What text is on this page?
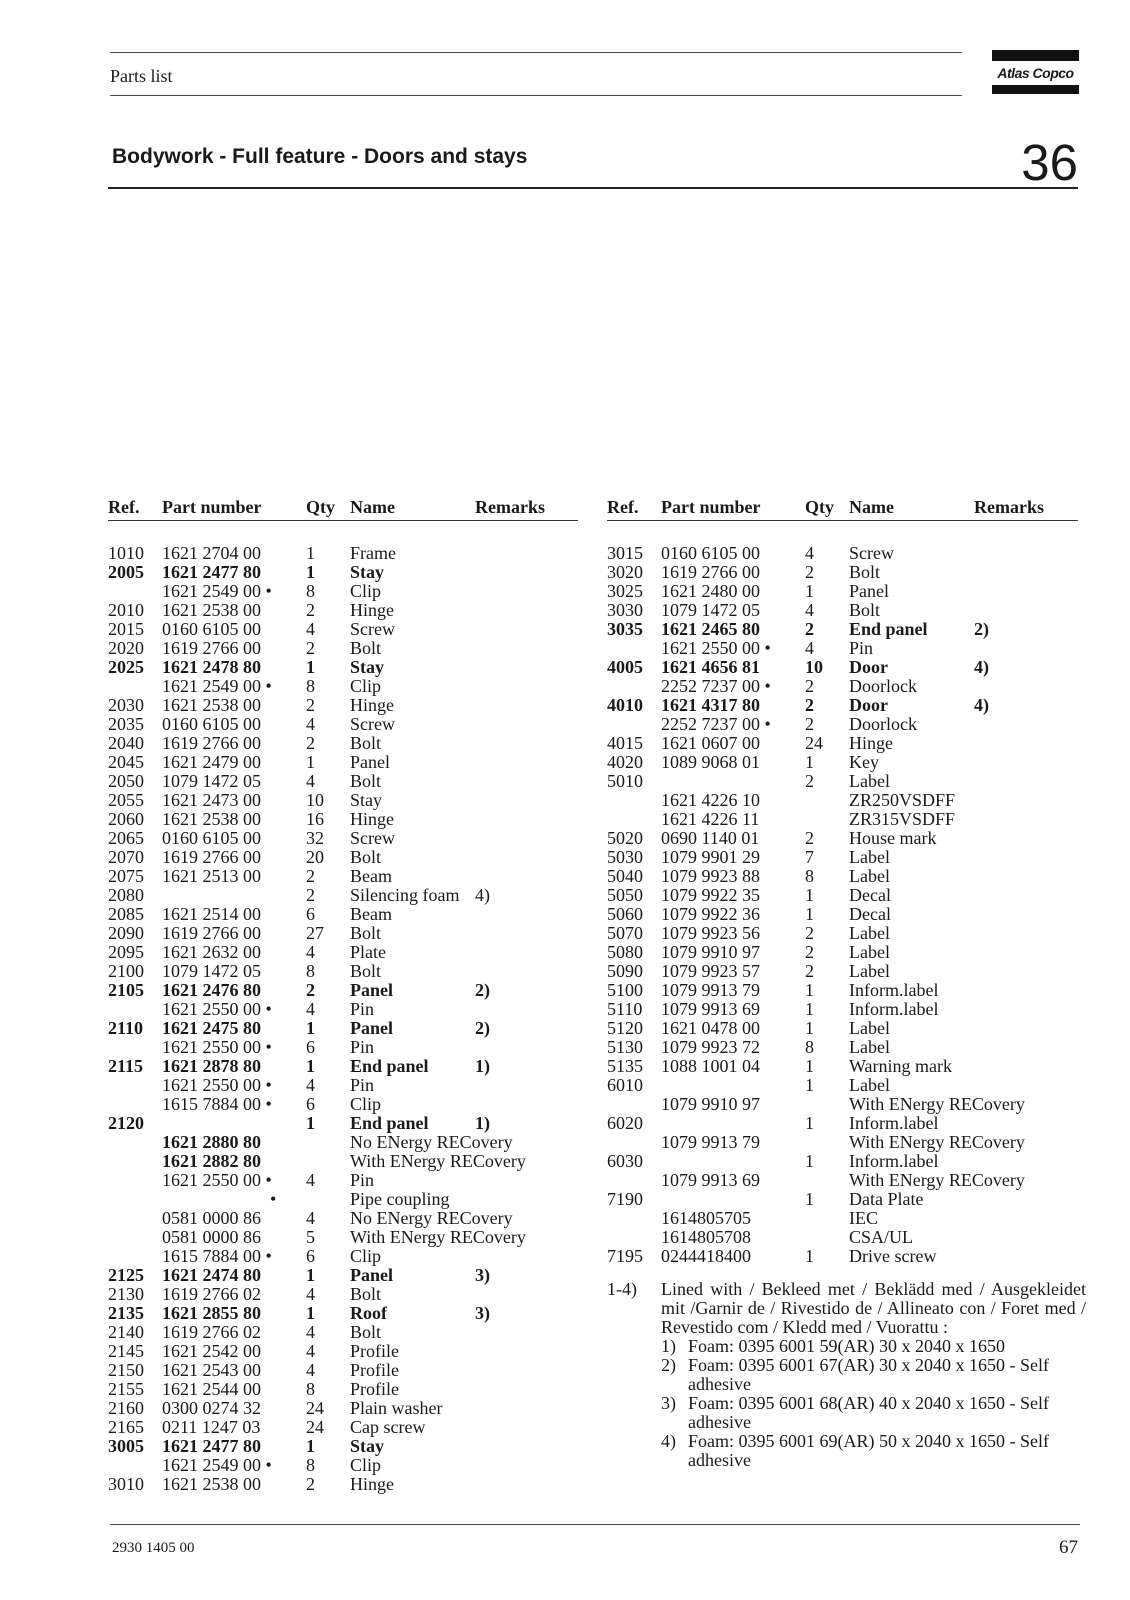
Parts list	Atlas Copco
Bodywork - Full feature - Doors and stays	36
Ref. Part number Qty Name	Remarks
1010 1621 2704 00	1 Frame
2005 1621 2477 80	1 Stay
1621 2549 00 • 8 Clip
2010 1621 2538 00	2 Hinge
2015 0160 6105 00	4 Screw
2020 1619 2766 00	2 Bolt
2025 1621 2478 80	1 Stay
1621 2549 00 • 8 Clip
2030 1621 2538 00	2 Hinge
2035 0160 6105 00	4 Screw
2040 1619 2766 00	2 Bolt
2045 1621 2479 00	1 Panel
2050 1079 1472 05	4 Bolt
2055 1621 2473 00	10 Stay
2060 1621 2538 00	16 Hinge
2065 0160 6105 00	32 Screw
2070 1619 2766 00	20 Bolt
2075 1621 2513 00	2 Beam
2080	2 Silencing foam 4)
2085 1621 2514 00	6 Beam
2090 1619 2766 00	27 Bolt
2095 1621 2632 00	4 Plate
2100 1079 1472 05	8 Bolt
2105 1621 2476 80	2 Panel	2)
1621 2550 00 • 4 Pin
2110 1621 2475 80	1 Panel	2)
1621 2550 00 • 6 Pin
2115 1621 2878 80	1 End panel	1)
1621 2550 00 • 4 Pin
1615 7884 00 • 6 Clip
2120	1 End panel	1)
1621 2880 80	No ENergy RECovery
1621 2882 80	With ENergy RECovery
1621 2550 00 • 4 Pin
•	Pipe coupling
0581 0000 86	4 No ENergy RECovery
0581 0000 86	5 With ENergy RECovery
1615 7884 00 • 6 Clip
2125 1621 2474 80	1 Panel	3)
2130 1619 2766 02	4 Bolt
2135 1621 2855 80	1 Roof	3)
2140 1619 2766 02	4 Bolt
2145 1621 2542 00	4 Profile
2150 1621 2543 00	4 Profile
2155 1621 2544 00	8 Profile
2160 0300 0274 32	24 Plain washer
2165 0211 1247 03	24 Cap screw
3005 1621 2477 80	1 Stay
1621 2549 00 • 8 Clip
3010 1621 2538 00	2 Hinge
Ref. Part number Qty Name	Remarks
3015 0160 6105 00	4 Screw
3020 1619 2766 00	2 Bolt
3025 1621 2480 00	1 Panel
3030 1079 1472 05	4 Bolt
3035 1621 2465 80	2 End panel	2)
1621 2550 00 • 4 Pin
4005 1621 4656 81	10 Door	4)
2252 7237 00 • 2 Doorlock
4010 1621 4317 80	2 Door	4)
2252 7237 00 • 2 Doorlock
4015 1621 0607 00	24 Hinge
4020 1089 9068 01	1 Key
5010	2 Label
1621 4226 10	ZR250VSDFF
1621 4226 11	ZR315VSDFF
5020 0690 1140 01	2 House mark
5030 1079 9901 29	7 Label
5040 1079 9923 88	8 Label
5050 1079 9922 35	1 Decal
5060 1079 9922 36	1 Decal
5070 1079 9923 56	2 Label
5080 1079 9910 97	2 Label
5090 1079 9923 57	2 Label
5100 1079 9913 79	1 Inform.label
5110 1079 9913 69	1 Inform.label
5120 1621 0478 00	1 Label
5130 1079 9923 72	8 Label
5135 1088 1001 04	1 Warning mark
6010	1 Label
1079 9910 97	With ENergy RECovery
6020	1 Inform.label
1079 9913 79	With ENergy RECovery
6030	1 Inform.label
1079 9913 69	With ENergy RECovery
7190	1 Data Plate
1614805705	IEC
1614805708	CSA/UL
7195 0244418400	1 Drive screw
1-4) Lined with / Bekleed met / Beklädd med / Ausgekleidet mit /Garnir de / Rivestido de / Allineato con / Foret med / Revestido com / Kledd med / Vuorattu :
1) Foam: 0395 6001 59(AR) 30 x 2040 x 1650
2) Foam: 0395 6001 67(AR) 30 x 2040 x 1650 - Self adhesive
3) Foam: 0395 6001 68(AR) 40 x 2040 x 1650 - Self adhesive
4) Foam: 0395 6001 69(AR) 50 x 2040 x 1650 - Self adhesive
2930 1405 00	67
